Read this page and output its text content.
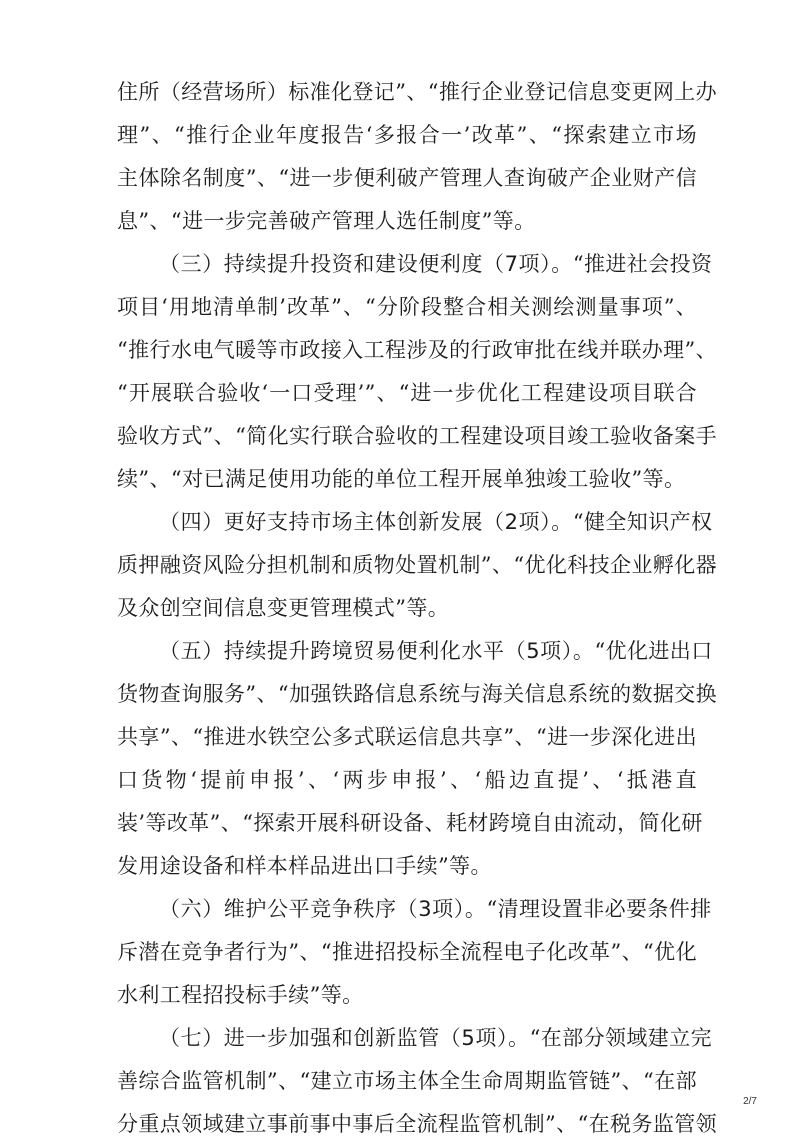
住所（经营场所）标准化登记”、“推行企业登记信息变更网上办
理”、“推行企业年度报告‘多报合一’改革”、“探索建立市场
主体除名制度”、“进一步便利破产管理人查询破产企业财产信
息”、“进一步完善破产管理人选任制度”等。
（三）持续提升投资和建设便利度（7项）。“推进社会投资
项目‘用地清单制’改革”、“分阶段整合相关测绘测量事项”、
“推行水电气暖等市政接入工程涉及的行政审批在线并联办理”、
“开展联合验收‘一口受理’”、“进一步优化工程建设项目联合
验收方式”、“简化实行联合验收的工程建设项目竣工验收备案手
续”、“对已满足使用功能的单位工程开展单独竣工验收”等。
（四）更好支持市场主体创新发展（2项）。“健全知识产权
质押融资风险分担机制和质物处置机制”、“优化科技企业孵化器
及众创空间信息变更管理模式”等。
（五）持续提升跨境贸易便利化水平（5项）。“优化进出口
货物查询服务”、“加强铁路信息系统与海关信息系统的数据交换
共享”、“推进水铁空公多式联运信息共享”、“进一步深化进出
口货物‘提前申报’、‘两步申报’、‘船边直提’、‘抵港直
装’等改革”、“探索开展科研设备、耗材跨境自由流动，简化研
发用途设备和样本样品进出口手续”等。
（六）维护公平竞争秩序（3项）。“清理设置非必要条件排
斥潜在竞争者行为”、“推进招投标全流程电子化改革”、“优化
水利工程招投标手续”等。
（七）进一步加强和创新监管（5项）。“在部分领域建立完
善综合监管机制”、“建立市场主体全生命周期监管链”、“在部
分重点领域建立事前事中事后全流程监管机制”、“在税务监管领
2/7
